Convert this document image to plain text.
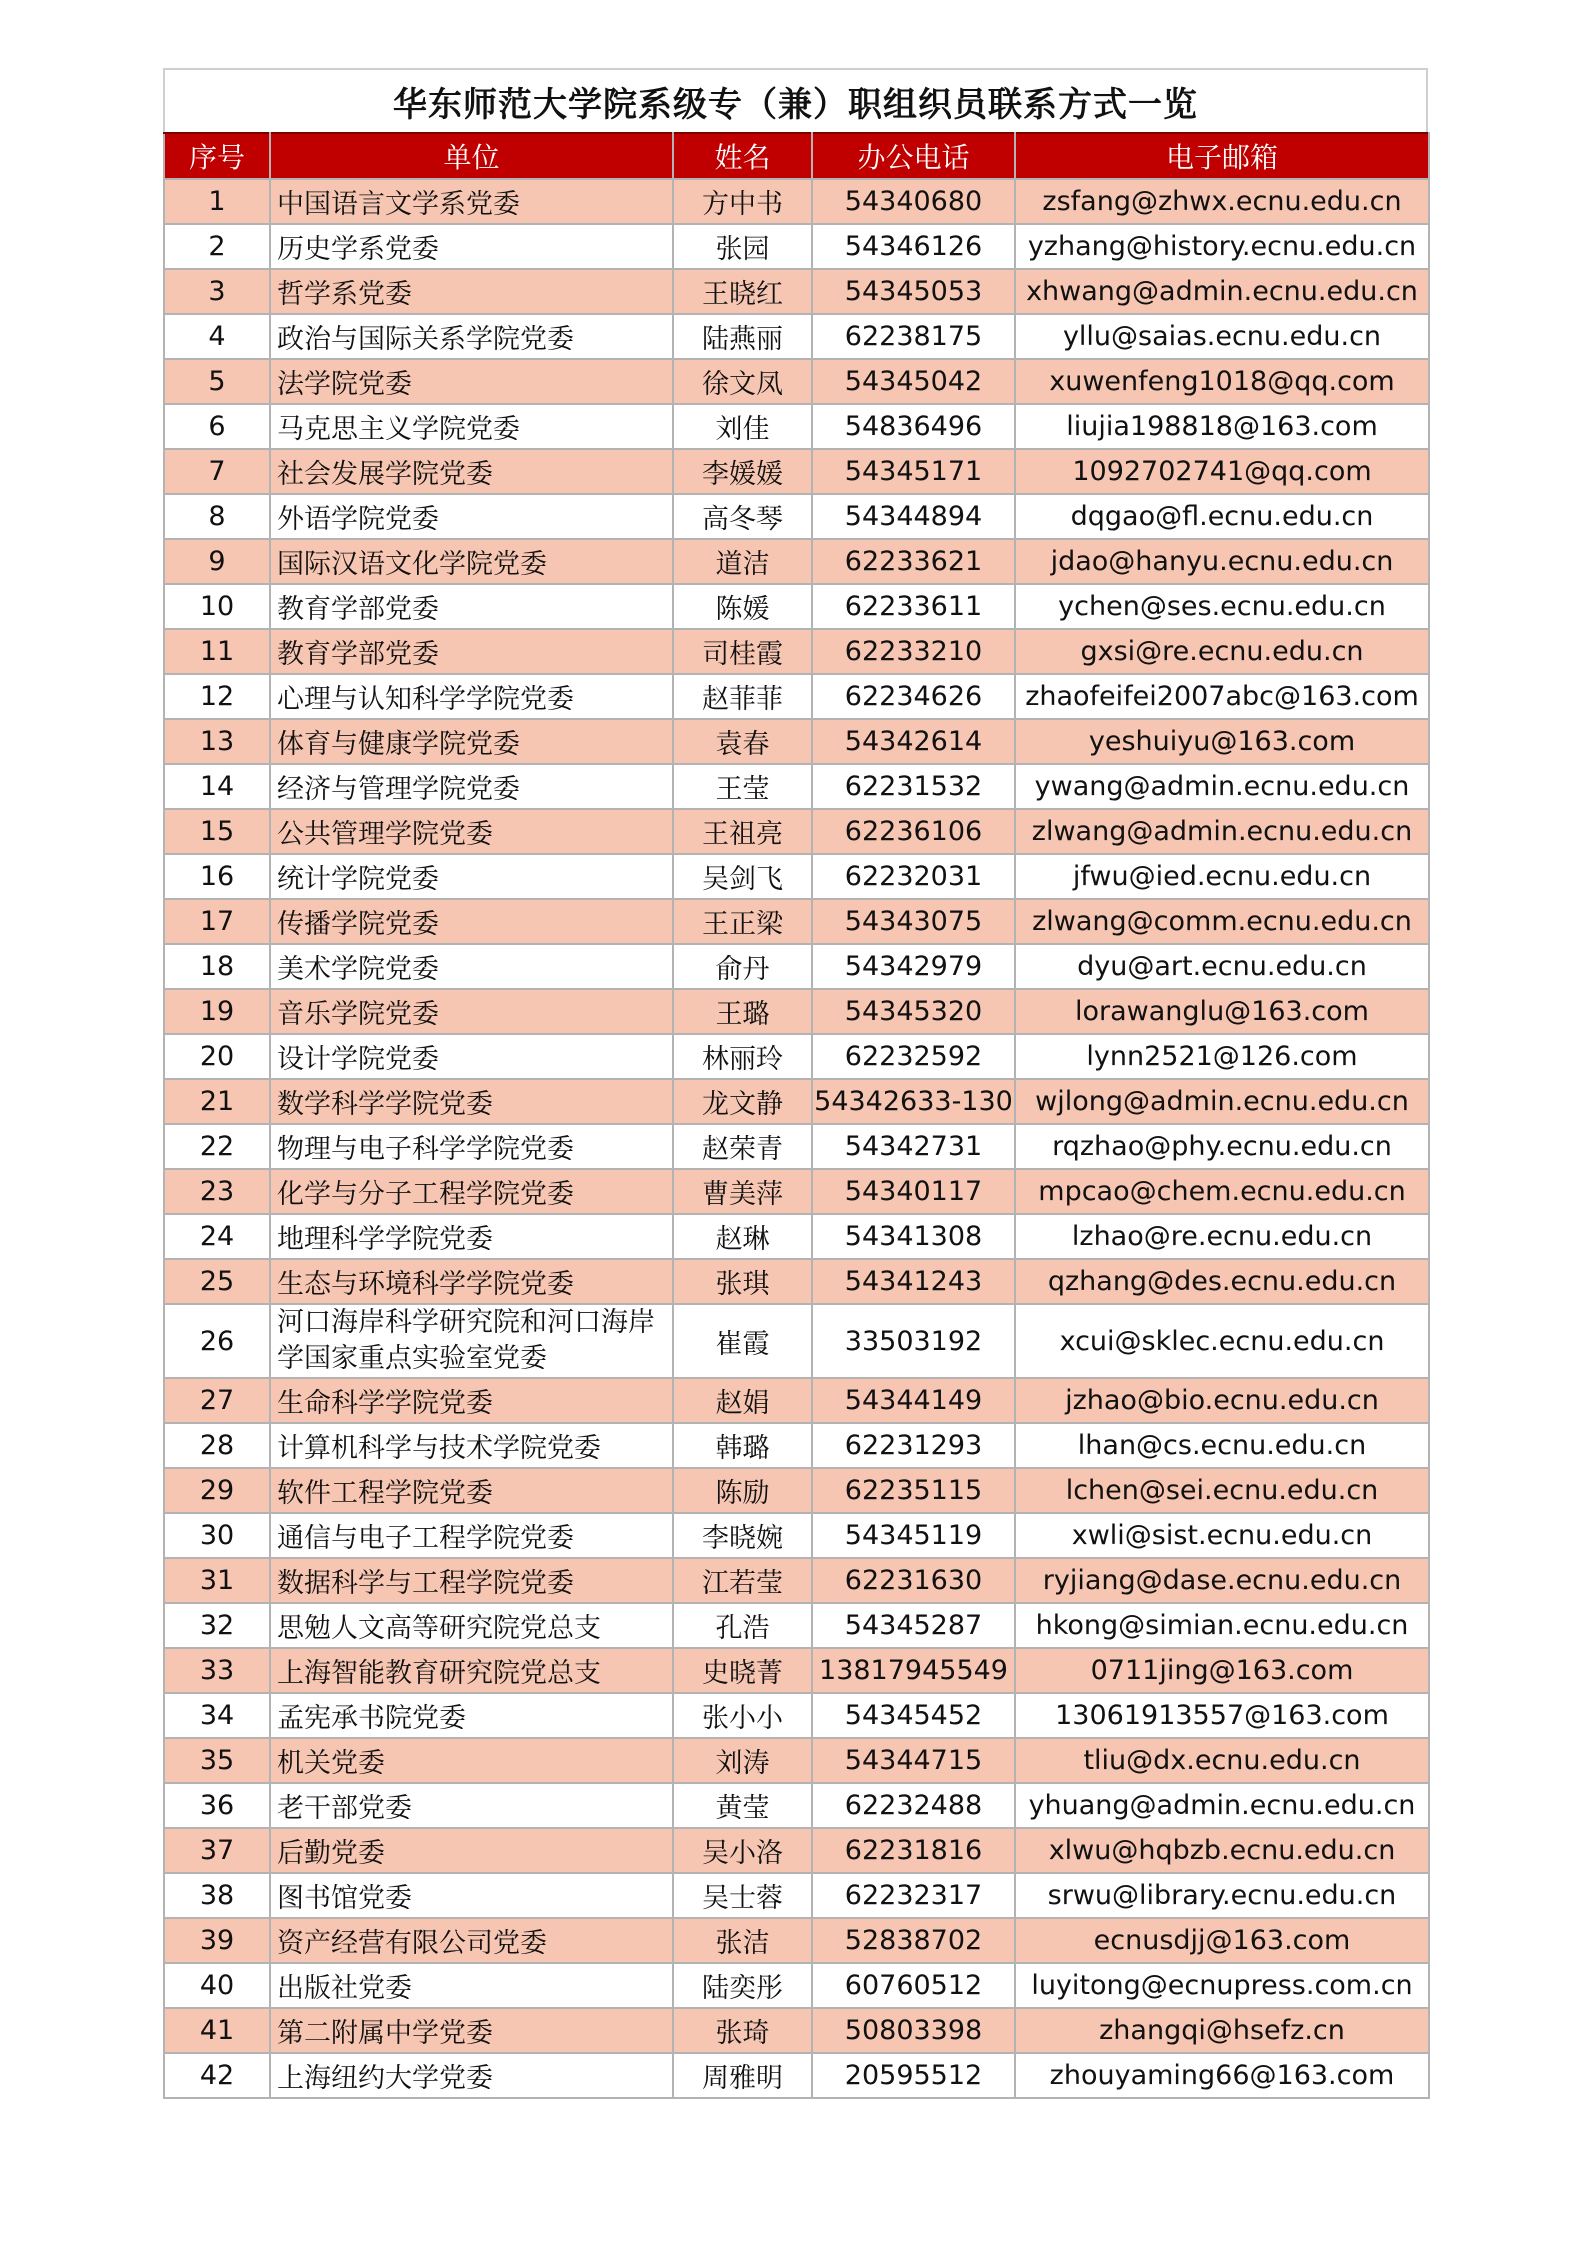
华东师范大学院系级专（兼）职组织员联系方式一览
序号	单位	姓名	办公电话	电子邮箱
1	中国语言文学系党委	方中书	54340680	zsfang@zhwx.ecnu.edu.cn
2	历史学系党委	张园	54346126	yzhang@history.ecnu.edu.cn
3	哲学系党委	王晓红	54345053	xhwang@admin.ecnu.edu.cn
4	政治与国际关系学院党委	陆燕丽	62238175	yllu@saias.ecnu.edu.cn
5	法学院党委	徐文凤	54345042	xuwenfeng1018@qq.com
6	马克思主义学院党委	刘佳	54836496	liujia198818@163.com
7	社会发展学院党委	李媛媛	54345171	1092702741@qq.com
8	外语学院党委	高冬琴	54344894	dqgao@fl.ecnu.edu.cn
9	国际汉语文化学院党委	道洁	62233621	jdao@hanyu.ecnu.edu.cn
10	教育学部党委	陈媛	62233611	ychen@ses.ecnu.edu.cn
11	教育学部党委	司桂霞	62233210	gxsi@re.ecnu.edu.cn
12	心理与认知科学学院党委	赵菲菲	62234626	zhaofeifei2007abc@163.com
13	体育与健康学院党委	袁春	54342614	yeshuiyu@163.com
14	经济与管理学院党委	王莹	62231532	ywang@admin.ecnu.edu.cn
15	公共管理学院党委	王祖亮	62236106	zlwang@admin.ecnu.edu.cn
16	统计学院党委	吴剑飞	62232031	jfwu@ied.ecnu.edu.cn
17	传播学院党委	王正梁	54343075	zlwang@comm.ecnu.edu.cn
18	美术学院党委	俞丹	54342979	dyu@art.ecnu.edu.cn
19	音乐学院党委	王璐	54345320	lorawanglu@163.com
20	设计学院党委	林丽玲	62232592	lynn2521@126.com
21	数学科学学院党委	龙文静	54342633-130	wjlong@admin.ecnu.edu.cn
22	物理与电子科学学院党委	赵荣青	54342731	rqzhao@phy.ecnu.edu.cn
23	化学与分子工程学院党委	曹美萍	54340117	mpcao@chem.ecnu.edu.cn
24	地理科学学院党委	赵琳	54341308	lzhao@re.ecnu.edu.cn
25	生态与环境科学学院党委	张琪	54341243	qzhang@des.ecnu.edu.cn
26	河口海岸科学研究院和河口海岸学国家重点实验室党委	崔霞	33503192	xcui@sklec.ecnu.edu.cn
27	生命科学学院党委	赵娟	54344149	jzhao@bio.ecnu.edu.cn
28	计算机科学与技术学院党委	韩璐	62231293	lhan@cs.ecnu.edu.cn
29	软件工程学院党委	陈励	62235115	lchen@sei.ecnu.edu.cn
30	通信与电子工程学院党委	李晓婉	54345119	xwli@sist.ecnu.edu.cn
31	数据科学与工程学院党委	江若莹	62231630	ryjiang@dase.ecnu.edu.cn
32	思勉人文高等研究院党总支	孔浩	54345287	hkong@simian.ecnu.edu.cn
33	上海智能教育研究院党总支	史晓菁	13817945549	0711jing@163.com
34	孟宪承书院党委	张小小	54345452	13061913557@163.com
35	机关党委	刘涛	54344715	tliu@dx.ecnu.edu.cn
36	老干部党委	黄莹	62232488	yhuang@admin.ecnu.edu.cn
37	后勤党委	吴小洛	62231816	xlwu@hqbzb.ecnu.edu.cn
38	图书馆党委	吴士蓉	62232317	srwu@library.ecnu.edu.cn
39	资产经营有限公司党委	张洁	52838702	ecnusdjj@163.com
40	出版社党委	陆奕彤	60760512	luyitong@ecnupress.com.cn
41	第二附属中学党委	张琦	50803398	zhangqi@hsefz.cn
42	上海纽约大学党委	周雅明	20595512	zhouyaming66@163.com
